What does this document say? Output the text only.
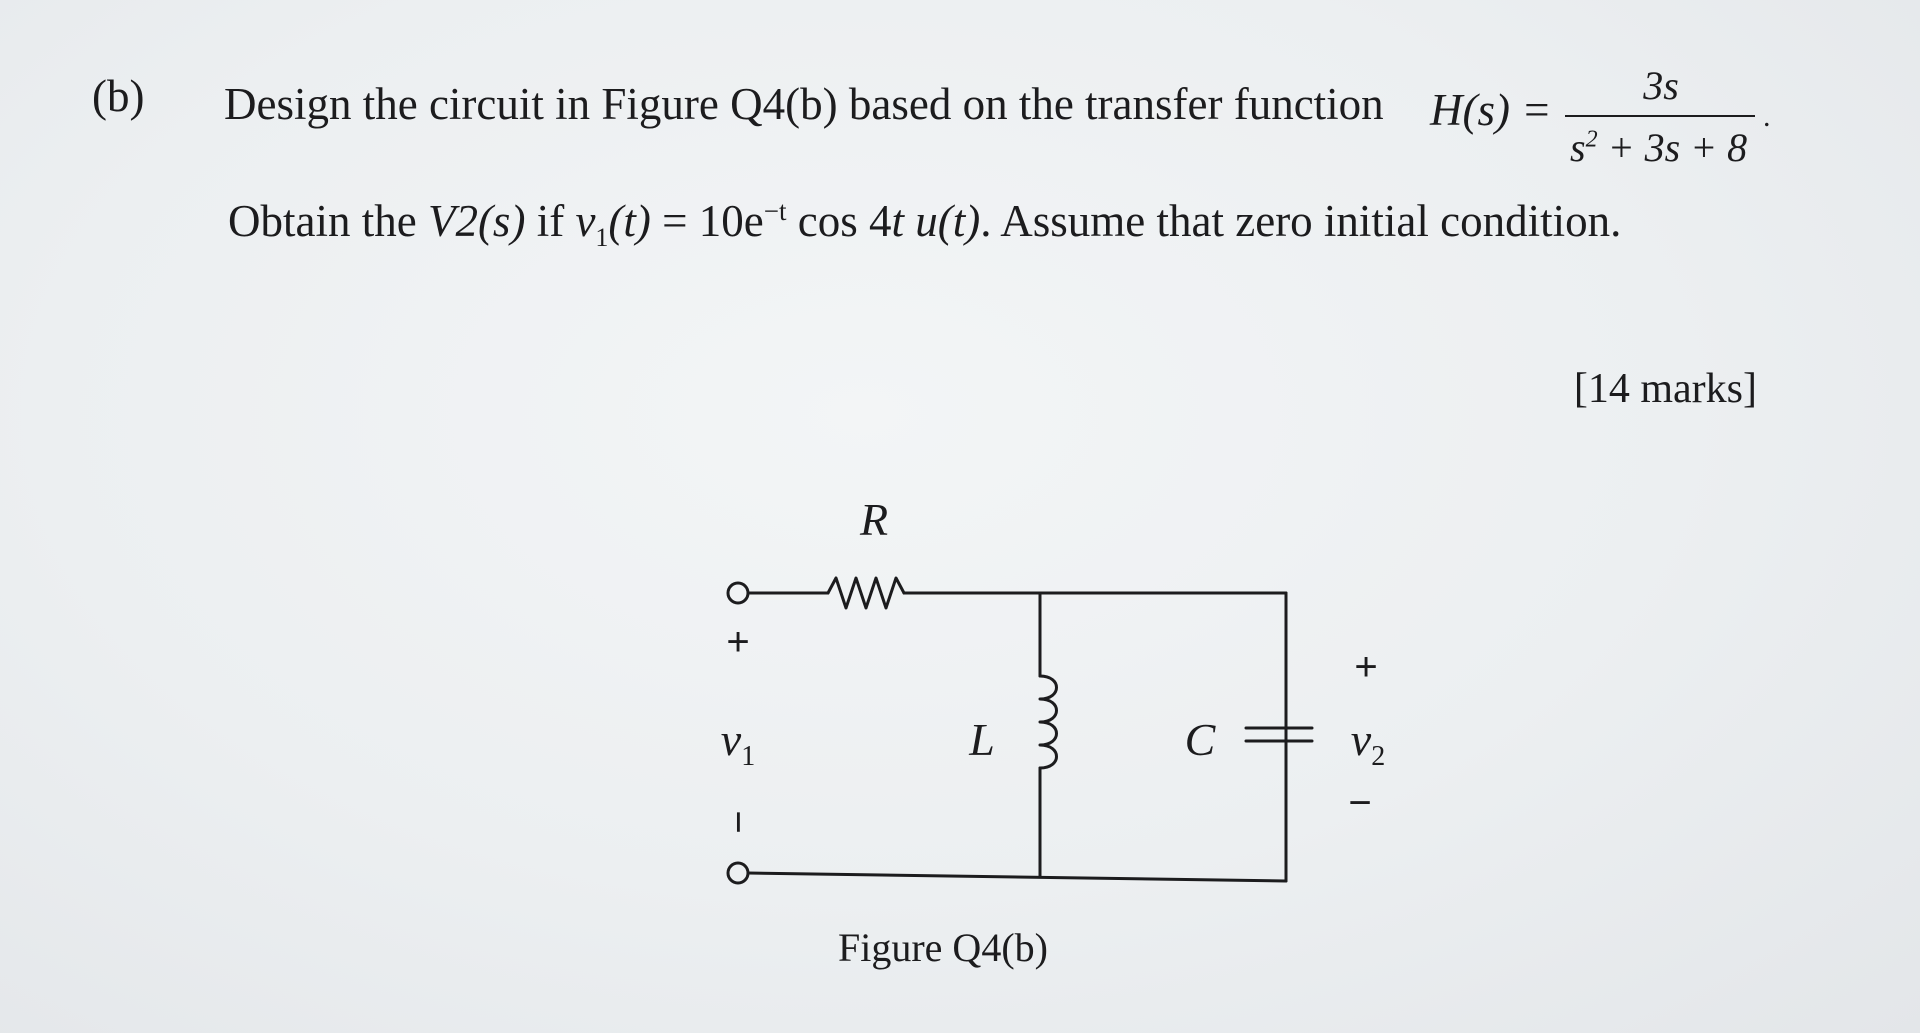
(b) Design the circuit in Figure Q4(b) based on the transfer function H(s) =	3s
$s^2 + 3s + 8$
.
Obtain the V2(s) if $v_1(t) = 10e^{-t}$ cos 4t u(t). Assume that zero initial condition.
[14 marks]
R
L	C
+
$v_1$
−
+
$v_2$
−
Figure Q4(b)
